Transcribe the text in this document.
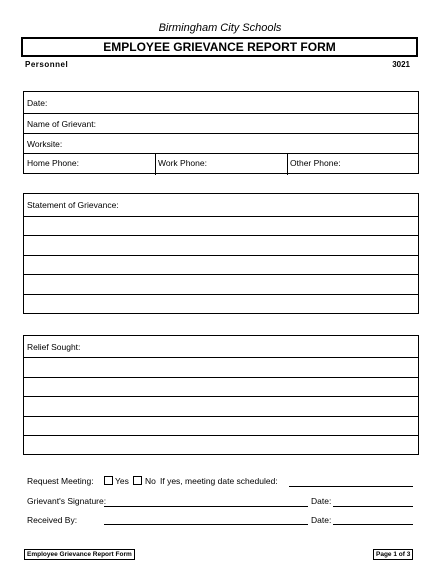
Birmingham City Schools
EMPLOYEE GRIEVANCE REPORT FORM
Personnel	3021
Date:
Name of Grievant:
Worksite:
Home Phone:	Work Phone:	Other Phone:
Statement of Grievance:
Relief Sought:
Request Meeting:	Yes No If yes, meeting date scheduled:
Grievant's Signature:	Date:
Received By:	Date:
Employee Grievance Report Form	Page 1 of 3
